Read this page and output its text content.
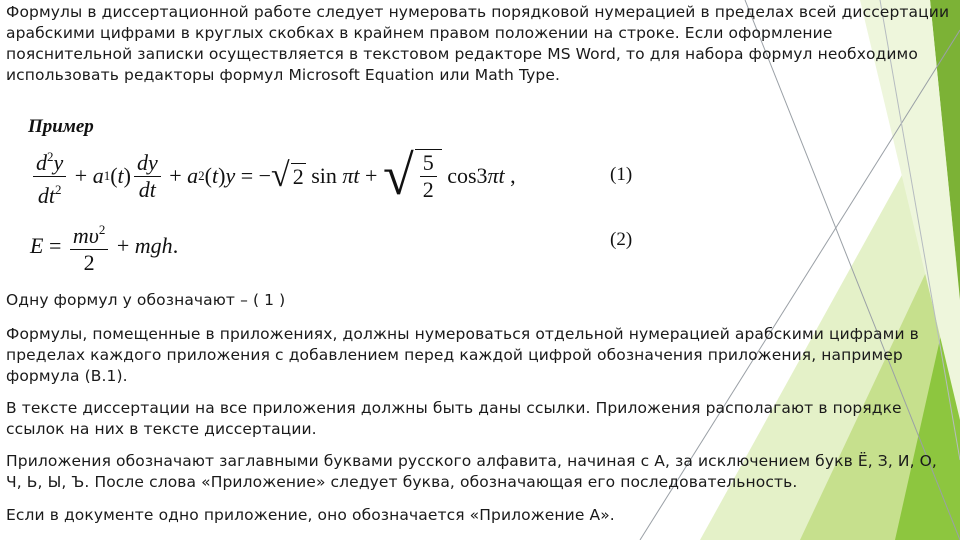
Формулы в диссертационной работе следует нумеровать порядковой нумерацией в пределах всей диссертации арабскими цифрами в круглых скобках в крайнем правом положении на строке. Если оформление пояснительной записки осуществляется в текстовом редакторе MS Word, то для набора формул необходимо использовать редакторы формул Microsoft Equation или Math Type.

Пример
$\frac{d^2y}{dt^2} + a$ 1 ( t ) $\frac{dy}{dt} + a$ 2 ( t ) y = − √ 2 sin πt + √ $\frac{5}{2} \cos 3$ πt ,	(1)
$E = \frac{m\upsilon^2}{2}$ + mgh .	(2)

Одну формул у обозначают – ( 1 )

Формулы, помещенные в приложениях, должны нумероваться отдельной нумерацией арабскими цифрами в пределах каждого приложения с добавлением перед каждой цифрой обозначения приложения, например формула (В.1).

В тексте диссертации на все приложения должны быть даны ссылки. Приложения располагают в порядке ссылок на них в тексте диссертации.

Приложения обозначают заглавными буквами русского алфавита, начиная с А, за исключением букв Ё, З, И, О, Ч, Ь, Ы, Ъ. После слова «Приложение» следует буква, обозначающая его последовательность.

Если в документе одно приложение, оно обозначается «Приложение А».
